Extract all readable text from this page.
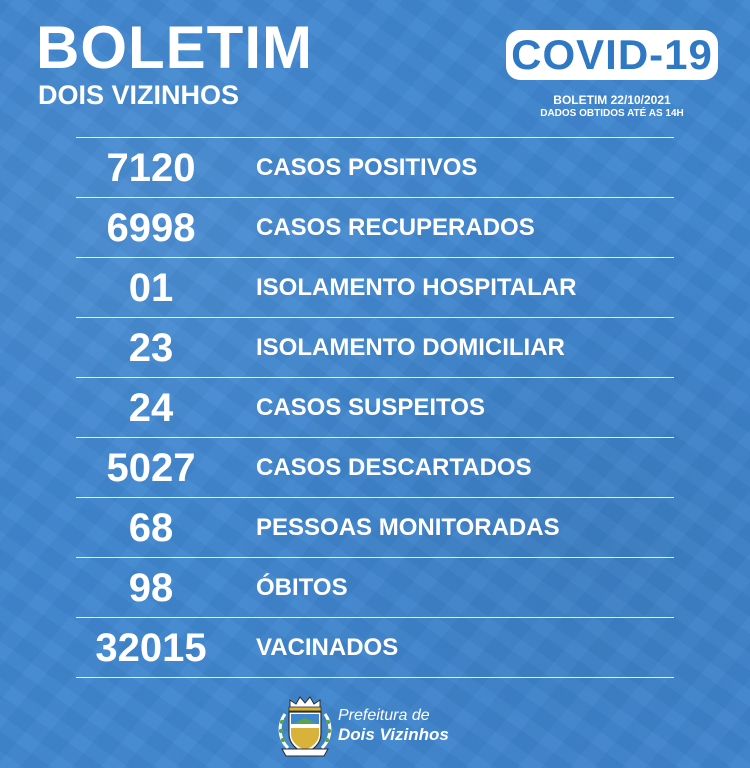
BOLETIM
DOIS VIZINHOS
COVID-19
BOLETIM 22/10/2021
DADOS OBTIDOS ATÉ AS 14H
7120	CASOS POSITIVOS
6998	CASOS RECUPERADOS
01	ISOLAMENTO HOSPITALAR
23	ISOLAMENTO DOMICILIAR
24	CASOS SUSPEITOS
5027	CASOS DESCARTADOS
68	PESSOAS MONITORADAS
98	ÓBITOS
32015	VACINADOS
Prefeitura de
Dois Vizinhos
